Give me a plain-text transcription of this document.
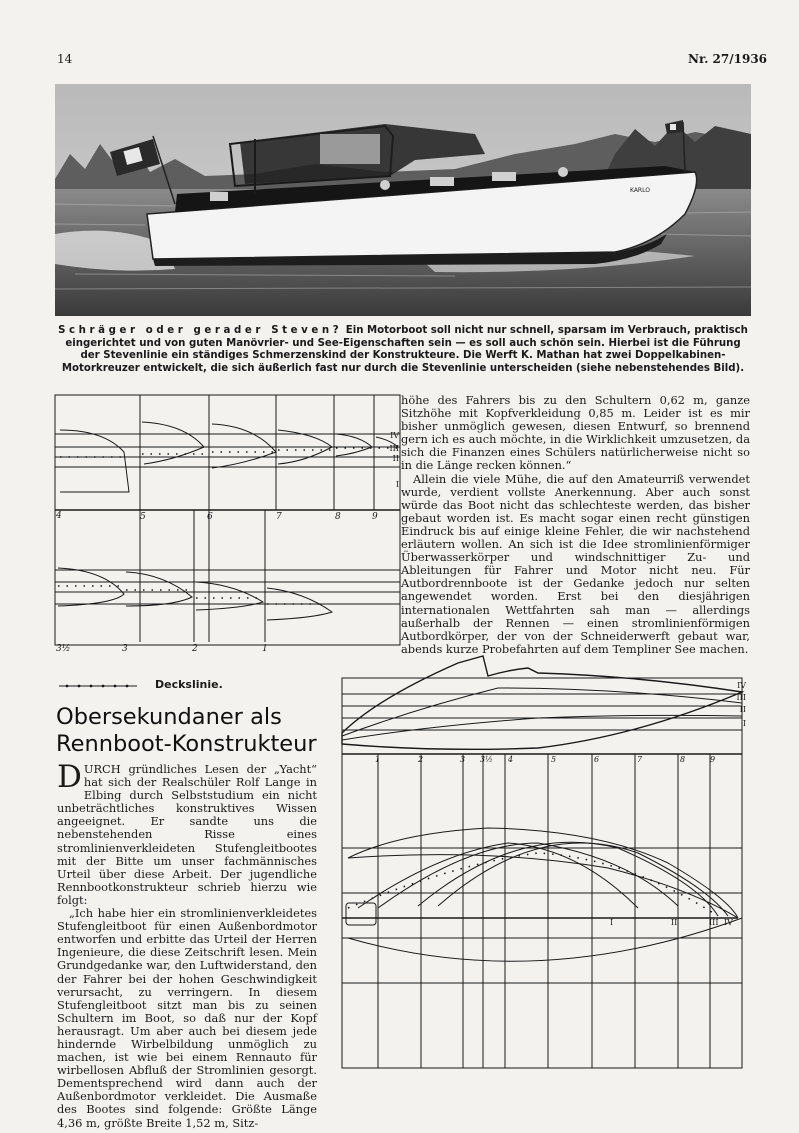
14	Nr. 27/1936
KARLO
Schräger oder gerader Steven? Ein Motorboot soll nicht nur schnell, sparsam im Verbrauch, praktisch eingerichtet und von guten Manövrier- und See-Eigenschaften sein — es soll auch schön sein. Hierbei ist die Führung der Stevenlinie ein ständiges Schmerzenskind der Konstrukteure. Die Werft K. Mathan hat zwei Doppelkabinen-Motorkreuzer entwickelt, die sich äußerlich fast nur durch die Stevenlinie unterscheiden (siehe nebenstehendes Bild).
4	5	6	7	8	9
3½	3	2	1
IV
III
II
I

höhe des Fahrers bis zu den Schultern 0,62 m, ganze Sitzhöhe mit Kopfverkleidung 0,85 m. Leider ist es mir bisher unmöglich gewesen, diesen Entwurf, so brennend gern ich es auch möchte, in die Wirklichkeit umzusetzen, da sich die Finanzen eines Schülers natürlicherweise nicht so in die Länge recken können.“

Allein die viele Mühe, die auf den Amateurriß verwendet wurde, verdient vollste Anerkennung. Aber auch sonst würde das Boot nicht das schlechteste werden, das bisher gebaut worden ist. Es macht sogar einen recht günstigen Eindruck bis auf einige kleine Fehler, die wir nachstehend erläutern wollen. An sich ist die Idee stromlinienförmiger Überwasserkörper und windschnittiger Zu- und Ableitungen für Fahrer und Motor nicht neu. Für Autbordrennboote ist der Gedanke jedoch nur selten angewendet worden. Erst bei den diesjährigen internationalen Wettfahrten sah man — allerdings außerhalb der Rennen — einen stromlinienförmigen Autbordkörper, der von der Schneiderwerft gebaut war, abends kurze Probefahrten auf dem Templiner See machen.

Deckslinie.
Obersekundaner als Rennboot-Konstrukteur

DURCH gründliches Lesen der „Yacht“ hat sich der Realschüler Rolf Lange in Elbing durch Selbststudium ein nicht unbeträchtliches konstruktives Wissen angeeignet. Er sandte uns die nebenstehenden Risse eines stromlinienverkleideten Stufengleitbootes mit der Bitte um unser fachmännisches Urteil über diese Arbeit. Der jugendliche Rennbootkonstrukteur schrieb hierzu wie folgt:

„Ich habe hier ein stromlinienverkleidetes Stufengleitboot für einen Außenbordmotor entworfen und erbitte das Urteil der Herren Ingenieure, die diese Zeitschrift lesen. Mein Grundgedanke war, den Luftwiderstand, den der Fahrer bei der hohen Geschwindigkeit verursacht, zu verringern. In diesem Stufengleitboot sitzt man bis zu seinen Schultern im Boot, so daß nur der Kopf herausragt. Um aber auch bei diesem jede hindernde Wirbelbildung unmöglich zu machen, ist wie bei einem Rennauto für wirbellosen Abfluß der Stromlinien gesorgt. Dementsprechend wird dann auch der Außenbordmotor verkleidet. Die Ausmaße des Bootes sind folgende: Größte Länge 4,36 m, größte Breite 1,52 m, Sitz-

1	2	3 3½ 4	5	6	7	8	9
IV
III
II
I
I	II	III IV
